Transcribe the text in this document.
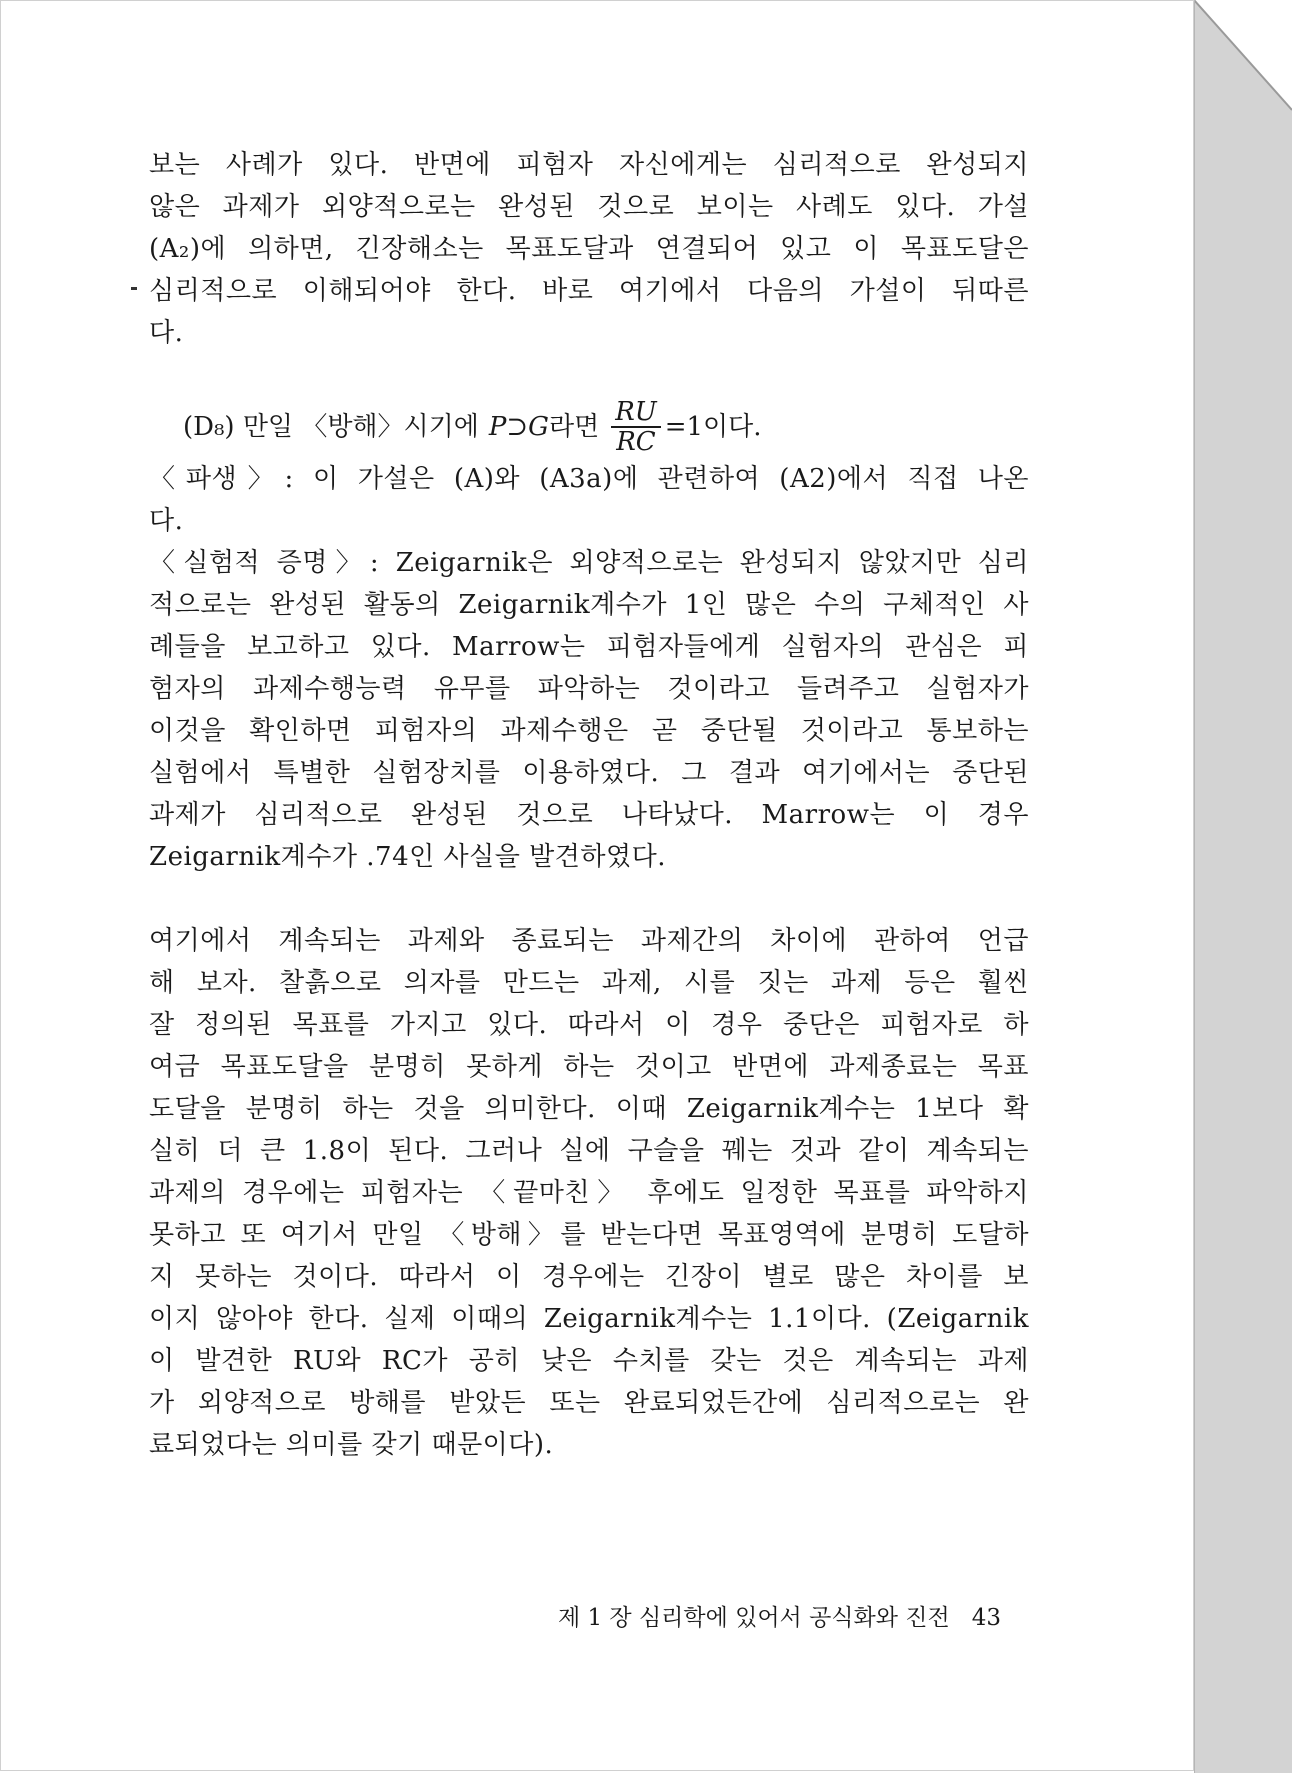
보는 사례가 있다. 반면에 피험자 자신에게는 심리적으로 완성되지
않은 과제가 외양적으로는 완성된 것으로 보이는 사례도 있다. 가설
(A₂)에 의하면, 긴장해소는 목표도달과 연결되어 있고 이 목표도달은
심리적으로 이해되어야 한다. 바로 여기에서 다음의 가설이 뒤따른
다.
(D₈) 만일 〈방해〉시기에 P⊃G 라면 $\frac{RU}{RC} =1$이다.
〈파생〉: 이 가설은 (A)와 (A3a)에 관련하여 (A2)에서 직접 나온
다.
〈실험적 증명〉: Zeigarnik은 외양적으로는 완성되지 않았지만 심리
적으로는 완성된 활동의 Zeigarnik계수가 1인 많은 수의 구체적인 사
례들을 보고하고 있다. Marrow는 피험자들에게 실험자의 관심은 피
험자의 과제수행능력 유무를 파악하는 것이라고 들려주고 실험자가
이것을 확인하면 피험자의 과제수행은 곧 중단될 것이라고 통보하는
실험에서 특별한 실험장치를 이용하였다. 그 결과 여기에서는 중단된
과제가 심리적으로 완성된 것으로 나타났다. Marrow는 이 경우
Zeigarnik계수가 .74인 사실을 발견하였다.
여기에서 계속되는 과제와 종료되는 과제간의 차이에 관하여 언급
해 보자. 찰흙으로 의자를 만드는 과제, 시를 짓는 과제 등은 훨씬
잘 정의된 목표를 가지고 있다. 따라서 이 경우 중단은 피험자로 하
여금 목표도달을 분명히 못하게 하는 것이고 반면에 과제종료는 목표
도달을 분명히 하는 것을 의미한다. 이때 Zeigarnik계수는 1보다 확
실히 더 큰 1.8이 된다. 그러나 실에 구슬을 꿰는 것과 같이 계속되는
과제의 경우에는 피험자는 〈끝마친〉 후에도 일정한 목표를 파악하지
못하고 또 여기서 만일 〈방해〉를 받는다면 목표영역에 분명히 도달하
지 못하는 것이다. 따라서 이 경우에는 긴장이 별로 많은 차이를 보
이지 않아야 한다. 실제 이때의 Zeigarnik계수는 1.1이다. (Zeigarnik
이 발견한 RU와 RC가 공히 낮은 수치를 갖는 것은 계속되는 과제
가 외양적으로 방해를 받았든 또는 완료되었든간에 심리적으로는 완
료되었다는 의미를 갖기 때문이다).
제 1 장 심리학에 있어서 공식화와 진전 43
